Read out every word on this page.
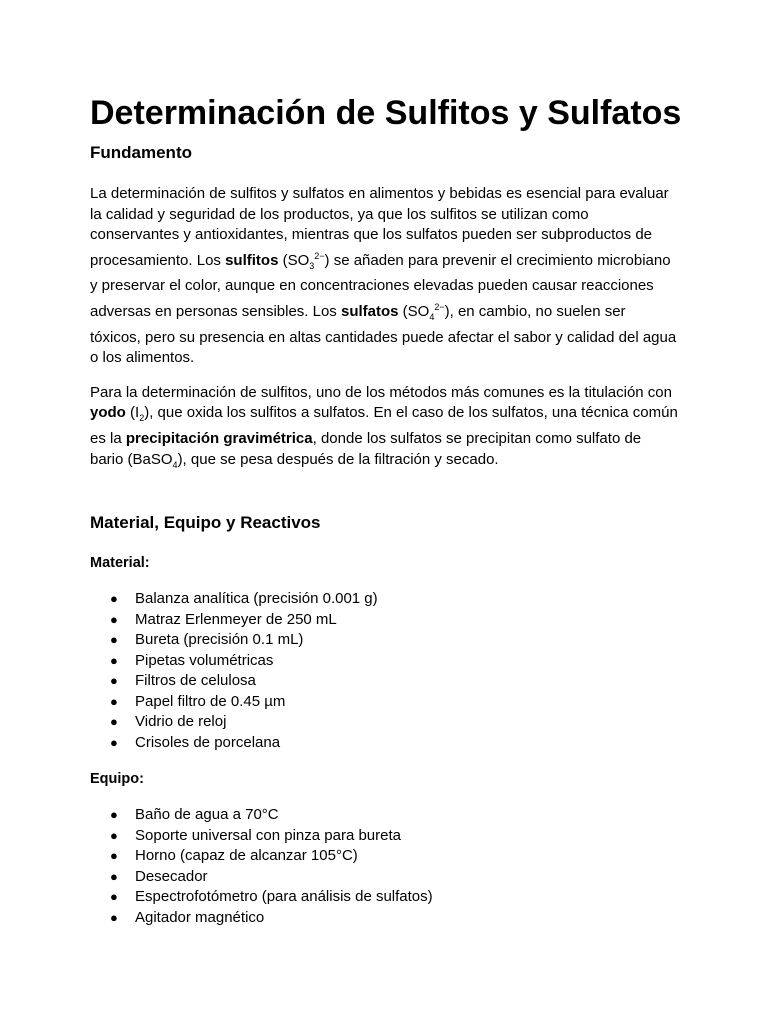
Determinación de Sulfitos y Sulfatos
Fundamento

La determinación de sulfitos y sulfatos en alimentos y bebidas es esencial para evaluar la calidad y seguridad de los productos, ya que los sulfitos se utilizan como conservantes y antioxidantes, mientras que los sulfatos pueden ser subproductos de procesamiento. Los sulfitos $(SO_3^{2-})$ se añaden para prevenir el crecimiento microbiano y preservar el color, aunque en concentraciones elevadas pueden causar reacciones adversas en personas sensibles. Los sulfatos $(SO_4^{2-})$, en cambio, no suelen ser tóxicos, pero su presencia en altas cantidades puede afectar el sabor y calidad del agua o los alimentos.

Para la determinación de sulfitos, uno de los métodos más comunes es la titulación con yodo $(I_2)$, que oxida los sulfitos a sulfatos. En el caso de los sulfatos, una técnica común es la precipitación gravimétrica, donde los sulfatos se precipitan como sulfato de bario (BaSO$_4$), que se pesa después de la filtración y secado.

Material, Equipo y Reactivos
Material:
● Balanza analítica (precisión 0.001 g)
● Matraz Erlenmeyer de 250 mL
● Bureta (precisión 0.1 mL)
● Pipetas volumétricas
● Filtros de celulosa
● Papel filtro de 0.45 µm
● Vidrio de reloj
● Crisoles de porcelana
Equipo:
● Baño de agua a 70°C
● Soporte universal con pinza para bureta
● Horno (capaz de alcanzar 105°C)
● Desecador
● Espectrofotómetro (para análisis de sulfatos)
● Agitador magnético
